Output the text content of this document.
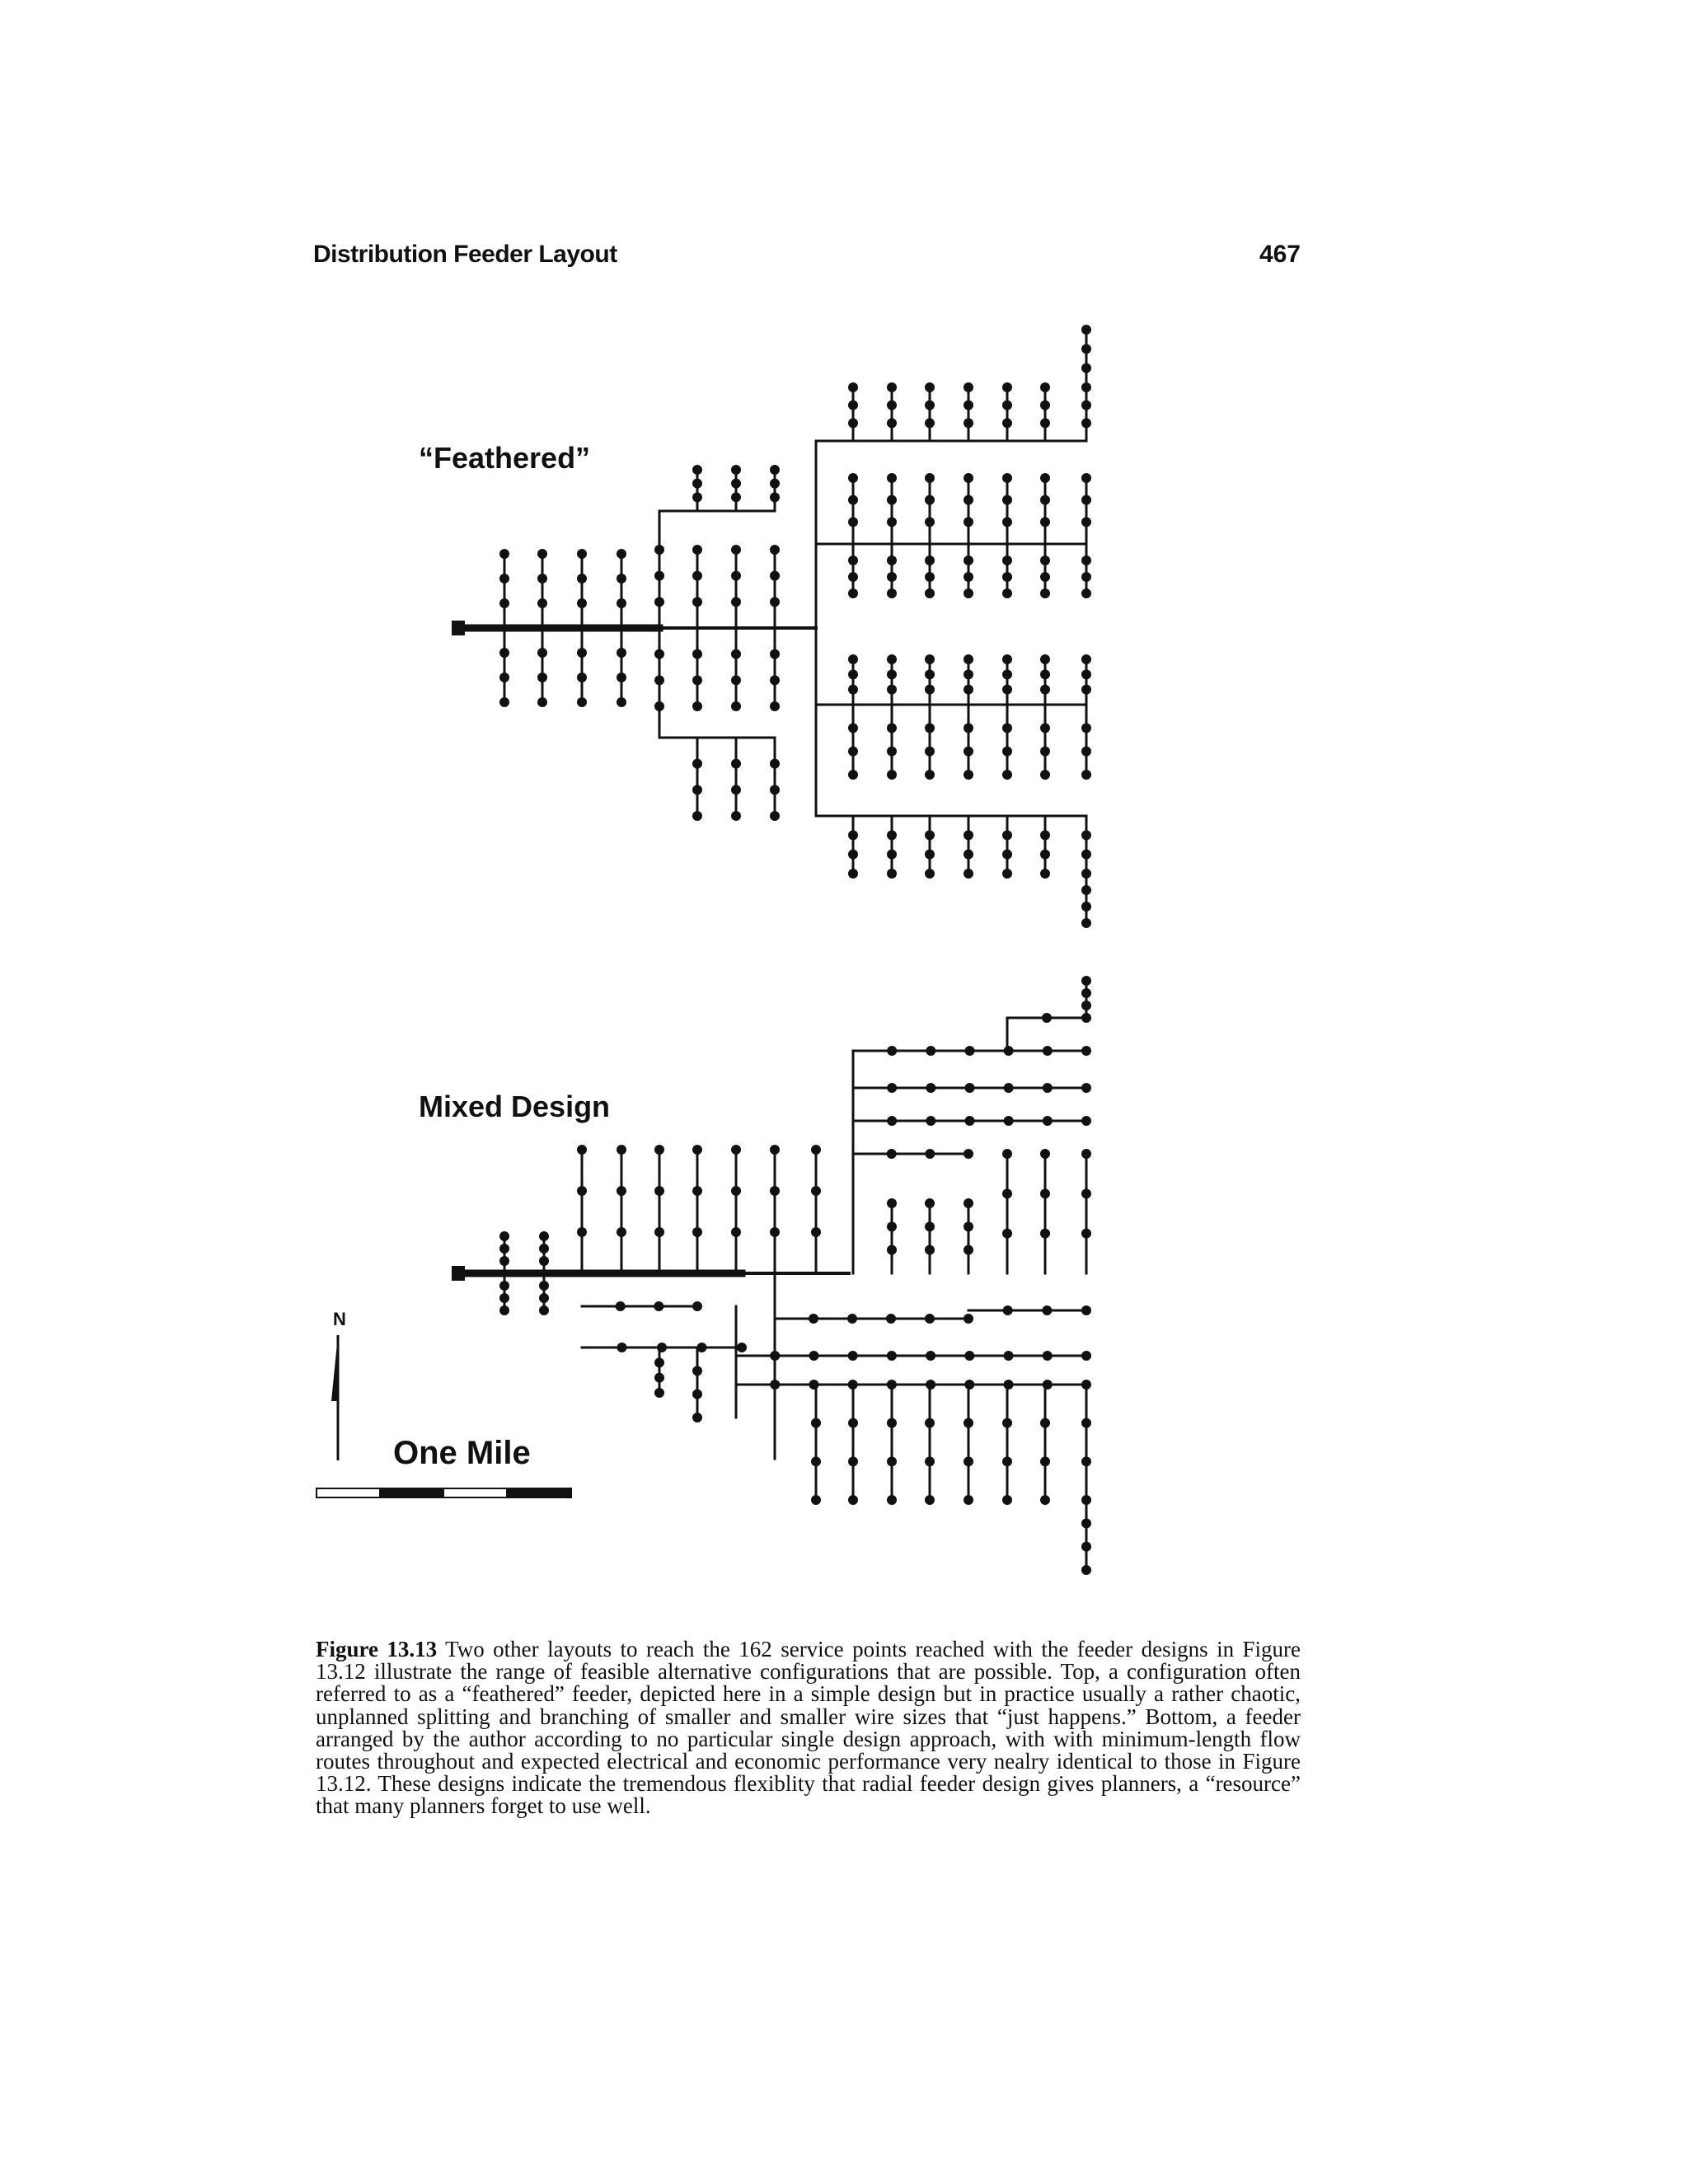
Distribution Feeder Layout	467
“Feathered”
Mixed Design
N
One Mile

Figure 13.13 Two other layouts to reach the 162 service points reached with the feeder designs in Figure 13.12 illustrate the range of feasible alternative configurations that are possible. Top, a configuration often referred to as a “feathered” feeder, depicted here in a simple design but in practice usually a rather chaotic, unplanned splitting and branching of smaller and smaller wire sizes that “just happens.” Bottom, a feeder arranged by the author according to no particular single design approach, with with minimum-length flow routes throughout and expected electrical and economic performance very nealry identical to those in Figure 13.12. These designs indicate the tremendous flexiblity that radial feeder design gives planners, a “resource” that many planners forget to use well.
